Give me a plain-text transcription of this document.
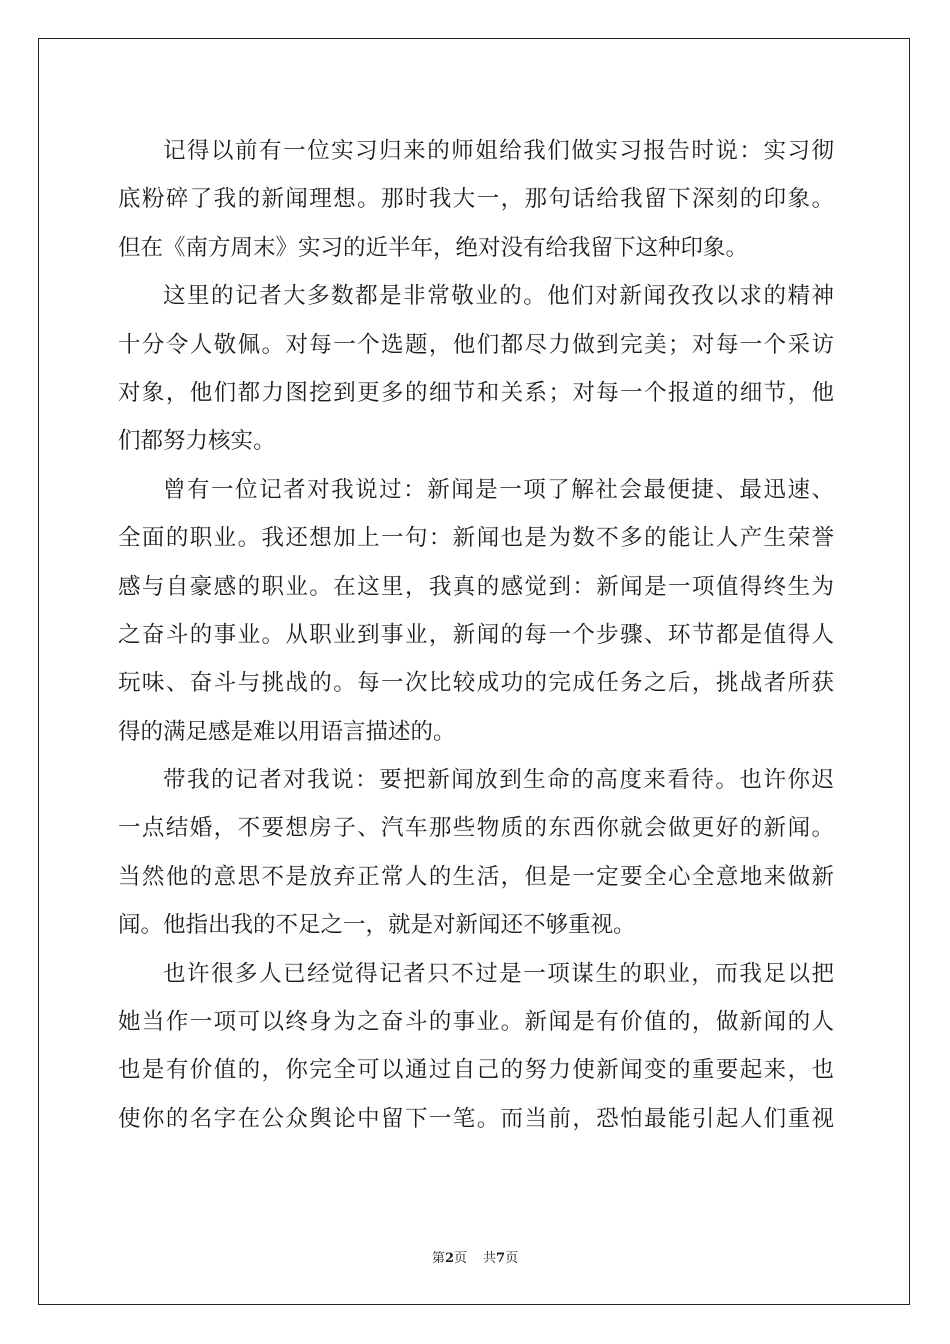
记得以前有一位实习归来的师姐给我们做实习报告时说：实习彻
底粉碎了我的新闻理想。那时我大一，那句话给我留下深刻的印象。
但在《南方周末》实习的近半年，绝对没有给我留下这种印象。
这里的记者大多数都是非常敬业的。他们对新闻孜孜以求的精神
十分令人敬佩。对每一个选题，他们都尽力做到完美；对每一个采访
对象，他们都力图挖到更多的细节和关系；对每一个报道的细节，他
们都努力核实。
曾有一位记者对我说过：新闻是一项了解社会最便捷、最迅速、
全面的职业。我还想加上一句：新闻也是为数不多的能让人产生荣誉
感与自豪感的职业。在这里，我真的感觉到：新闻是一项值得终生为
之奋斗的事业。从职业到事业，新闻的每一个步骤、环节都是值得人
玩味、奋斗与挑战的。每一次比较成功的完成任务之后，挑战者所获
得的满足感是难以用语言描述的。
带我的记者对我说：要把新闻放到生命的高度来看待。也许你迟
一点结婚，不要想房子、汽车那些物质的东西你就会做更好的新闻。
当然他的意思不是放弃正常人的生活，但是一定要全心全意地来做新
闻。他指出我的不足之一，就是对新闻还不够重视。
也许很多人已经觉得记者只不过是一项谋生的职业，而我足以把
她当作一项可以终身为之奋斗的事业。新闻是有价值的，做新闻的人
也是有价值的，你完全可以通过自己的努力使新闻变的重要起来，也
使你的名字在公众舆论中留下一笔。而当前，恐怕最能引起人们重视
第2页 共7页
